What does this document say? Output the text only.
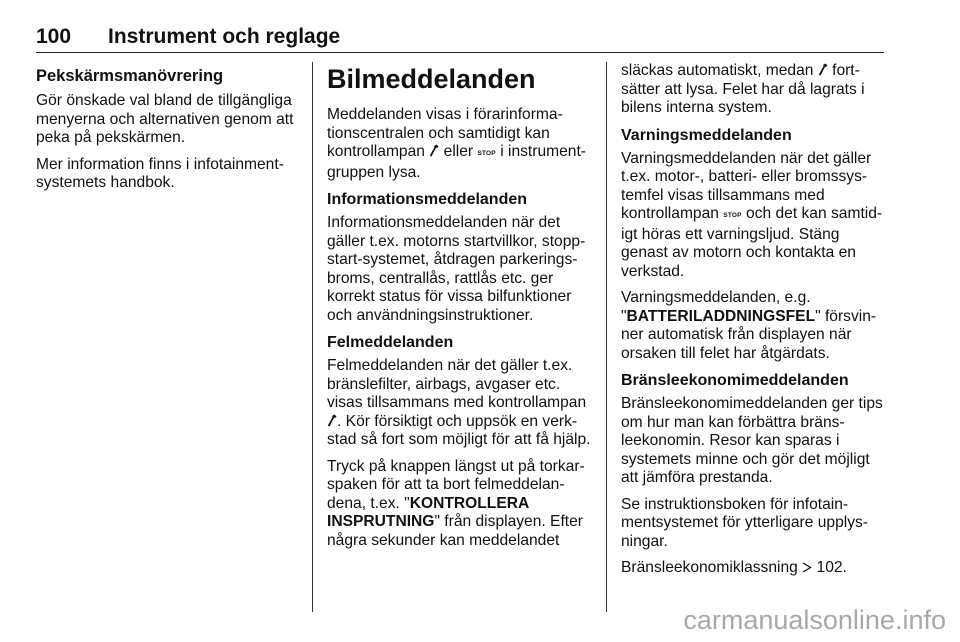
100	Instrument och reglage
Pekskärmsmanövrering

Gör önskade val bland de tillgängliga menyerna och alternativen genom att peka på pekskärmen.

Mer information finns i infotainmentsystemets handbok.

Bilmeddelanden

Meddelanden visas i förarinformationscentralen och samtidigt kan kontrollampan eller STOP i instrumentgruppen lysa.

Informationsmeddelanden

Informationsmeddelanden när det gäller t.ex. motorns startvillkor, stopp-start-systemet, åtdragen parkeringsbroms, centrallås, rattlås etc. ger korrekt status för vissa bilfunktioner och användningsinstruktioner.

Felmeddelanden

Felmeddelanden när det gäller t.ex. bränslefilter, airbags, avgaser etc. visas tillsammans med kontrollampan . Kör försiktigt och uppsök en verkstad så fort som möjligt för att få hjälp.

Tryck på knappen längst ut på torkarspaken för att ta bort felmeddelandena, t.ex. "KONTROLLERA INSPRUTNING" från displayen. Efter några sekunder kan meddelandet

släckas automatiskt, medan fortsätter att lysa. Felet har då lagrats i bilens interna system.

Varningsmeddelanden

Varningsmeddelanden när det gäller t.ex. motor-, batteri- eller bromssystemfel visas tillsammans med kontrollampan STOP och det kan samtidigt höras ett varningsljud. Stäng genast av motorn och kontakta en verkstad.

Varningsmeddelanden, e.g. "BATTERILADDNINGSFEL" försvinner automatisk från displayen när orsaken till felet har åtgärdats.

Bränsleekonomimeddelanden

Bränsleekonomimeddelanden ger tips om hur man kan förbättra bränsleekonomin. Resor kan sparas i systemets minne och gör det möjligt att jämföra prestanda.

Se instruktionsboken för infotainmentsystemet för ytterligare upplysningar.

Bränsleekonomiklassning 102.

carmanualsonline.info
